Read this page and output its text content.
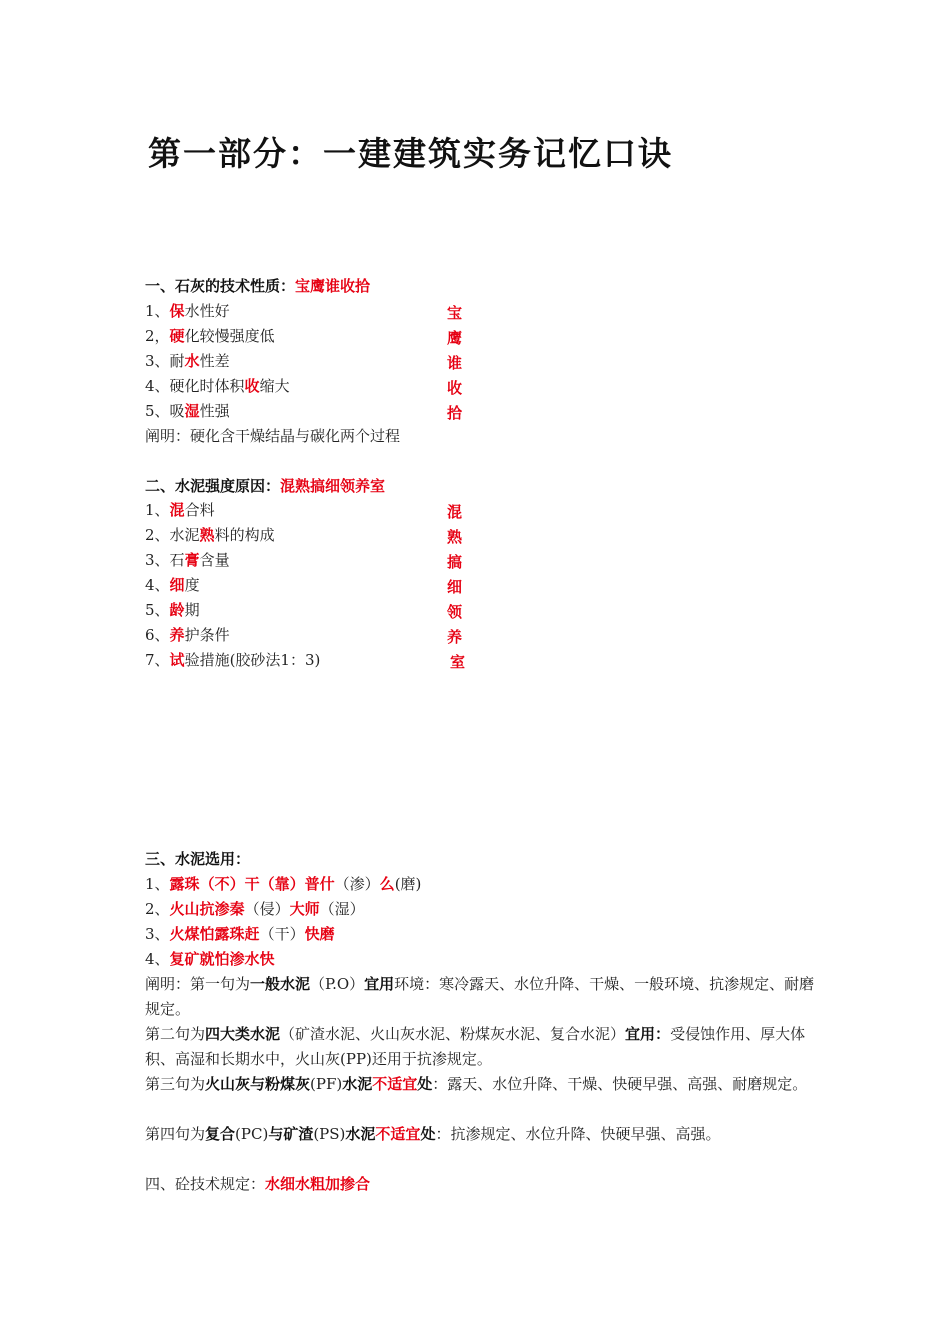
第一部分：一建建筑实务记忆口诀
一、石灰的技术性质：宝鹰谁收拾
1、保水性好	宝
2，硬化较慢强度低	鹰
3、耐水性差	谁
4、硬化时体积收缩大	收
5、吸湿性强	拾
阐明：硬化含干燥结晶与碳化两个过程
二、水泥强度原因：混熟搞细领养室
1、混合料	混
2、水泥熟料的构成	熟
3、石膏含量	搞
4、细度	细
5、龄期	领
6、养护条件	养
7、试验措施(胶砂法1：3)	室
三、水泥选用：
1、露珠（不）干（靠）普什（渗）么(磨)
2、火山抗渗秦（侵）大师（湿）
3、火煤怕露珠赶（干）快磨
4、复矿就怕渗水快
阐明：第一句为一般水泥（P.O）宜用环境：寒冷露天、水位升降、干燥、一般环境、抗渗规定、耐磨规定。
第二句为四大类水泥（矿渣水泥、火山灰水泥、粉煤灰水泥、复合水泥）宜用：受侵蚀作用、厚大体积、高湿和长期水中，火山灰(PP)还用于抗渗规定。
第三句为火山灰与粉煤灰(PF)水泥不适宜处：露天、水位升降、干燥、快硬早强、高强、耐磨规定。
第四句为复合(PC)与矿渣(PS)水泥不适宜处：抗渗规定、水位升降、快硬早强、高强。
四、砼技术规定：水细水粗加掺合
